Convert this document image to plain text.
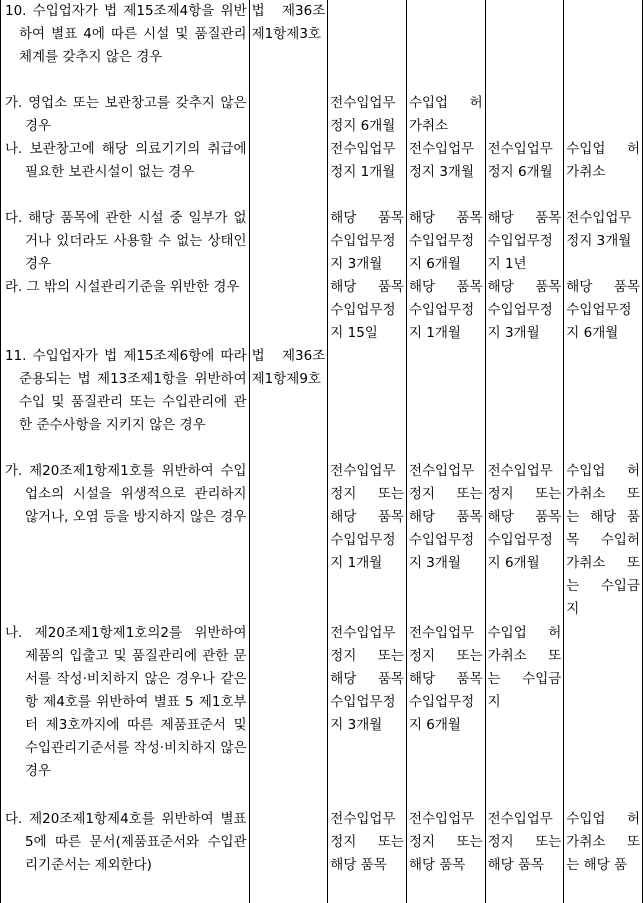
10. 수입업자가 법 제15조제4항을 위반하여 별표 4에 따른 시설 및 품질관리체계를 갖추지 않은 경우	법 제36조 제1항제3호				

가. 영업소 또는 보관창고를 갖추지 않은 경우		전수입업무 정지 6개월	수입업 허 가취소		

나. 보관창고에 해당 의료기기의 취급에 필요한 보관시설이 없는 경우		전수입업무 정지 1개월	전수입업무 정지 3개월	전수입업무 정지 6개월	수입업 허 가취소

다. 해당 품목에 관한 시설 중 일부가 없거나 있더라도 사용할 수 없는 상태인 경우		해당 품목 수입업무정 지 3개월	해당 품목 수입업무정 지 6개월	해당 품목 수입업무정 지 1년	전수입업무 정지 3개월

라. 그 밖의 시설관리기준을 위반한 경우		해당 품목 수입업무정 지 15일	해당 품목 수입업무정 지 1개월	해당 품목 수입업무정 지 3개월	해당 품목 수입업무정 지 6개월

11. 수입업자가 법 제15조제6항에 따라 준용되는 법 제13조제1항을 위반하여 수입 및 품질관리 또는 수입관리에 관한 준수사항을 지키지 않은 경우	법 제36조 제1항제9호				

가. 제20조제1항제1호를 위반하여 수입업소의 시설을 위생적으로 관리하지 않거나, 오염 등을 방지하지 않은 경우		전수입업무 정지 또는 해당 품목 수입업무정 지 1개월	전수입업무 정지 또는 해당 품목 수입업무정 지 3개월	전수입업무 정지 또는 해당 품목 수입업무정 지 6개월	수입업 허 가취소 또 는 해당 품 목 수입허 가취소 또 는 수입금 지

나. 제20조제1항제1호의2를 위반하여 제품의 입출고 및 품질관리에 관한 문서를 작성·비치하지 않은 경우나 같은 항 제4호를 위반하여 별표 5 제1호부터 제3호까지에 따른 제품표준서 및 수입관리기준서를 작성·비치하지 않은 경우		전수입업무 정지 또는 해당 품목 수입업무정 지 3개월	전수입업무 정지 또는 해당 품목 수입업무정 지 6개월	수입업 허 가취소 또 는 수입금 지	

다. 제20조제1항제4호를 위반하여 별표 5에 따른 문서(제품표준서와 수입관리기준서는 제외한다)		전수입업무 정지 또는 해당 품목	전수입업무 정지 또는 해당 품목	전수입업무 정지 또는 해당 품목	수입업 허 가취소 또 는 해당 품
